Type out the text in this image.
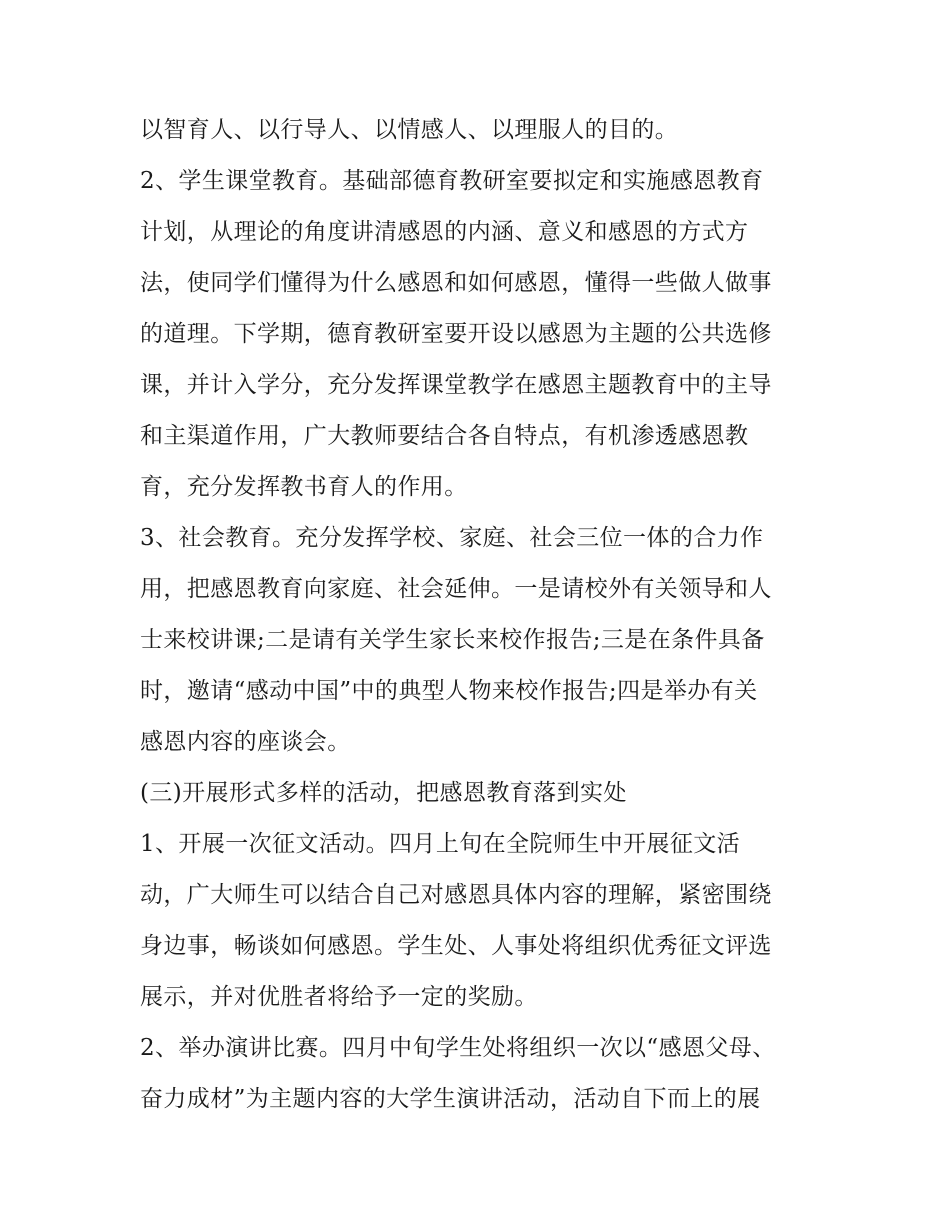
以智育人、以行导人、以情感人、以理服人的目的。
2、学生课堂教育。基础部德育教研室要拟定和实施感恩教育
计划，从理论的角度讲清感恩的内涵、意义和感恩的方式方
法，使同学们懂得为什么感恩和如何感恩，懂得一些做人做事
的道理。下学期，德育教研室要开设以感恩为主题的公共选修
课，并计入学分，充分发挥课堂教学在感恩主题教育中的主导
和主渠道作用，广大教师要结合各自特点，有机渗透感恩教
育，充分发挥教书育人的作用。
3、社会教育。充分发挥学校、家庭、社会三位一体的合力作
用，把感恩教育向家庭、社会延伸。一是请校外有关领导和人
士来校讲课;二是请有关学生家长来校作报告;三是在条件具备
时，邀请“感动中国”中的典型人物来校作报告;四是举办有关
感恩内容的座谈会。
(三)开展形式多样的活动，把感恩教育落到实处
1、开展一次征文活动。四月上旬在全院师生中开展征文活
动，广大师生可以结合自己对感恩具体内容的理解，紧密围绕
身边事，畅谈如何感恩。学生处、人事处将组织优秀征文评选
展示，并对优胜者将给予一定的奖励。
2、举办演讲比赛。四月中旬学生处将组织一次以“感恩父母、
奋力成材”为主题内容的大学生演讲活动，活动自下而上的展
